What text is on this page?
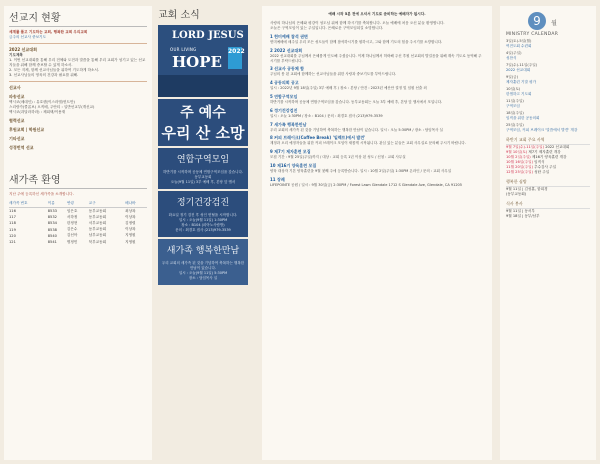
선교지 현황
세계를 품고 기도하는 교회, 행복한 교회 우리교회
금주의 선교사 중보기도
2022 선교대회
기도제목
1. 이번 선교대회를 통해 우리 전체와 도전과 말씀을 통해 우리 교회가 섬기고 있는 선교지들을 위해 함께 중보할 수 있게 하소서.
2. 모든 지체, 함께 선교사님들을 위하여 기도하게 하소서.
3. 선교사님들의 영육의 건강과 필요를 위해.
선교사
파송선교
멕시코(메데인) : 유호렌(이스라엘/헌트만)
스리랑카(콜롬보) 오직배, 주안티 : 일반선교부(개신교)
멕시코(과달라하라) : 채희택/이용재
협력선교
후원교회 | 학원선교
기타선교
성경번역 선교
새가족 환영
지난 주에 등록하신 새가족을 소개합니다.
새가족 번호	이름	연령	교구	배나바
116	8533	임은호	동부교동회	최상복
117	8532	서하정	동부교동회	이상복
118	8534	한정현	서부교동회	김정렬
119	8538	김은수	동부교동회	이상복
120	8540	김선아	남부교동회	지영원
121	8541	명정민	북부교동회	지영원
교회 소식
LORD JESUS
OUR LIVING
HOPE
2022
주 예수
우리 산 소망
연합구역모임
하반기를 시작하며 공동체 연합구역모임을 갖습니다.
동부교동회
오늘(9월 11일) 3부 예배 후, 본당 앞 앰서
정기건강검진
화요일 정기 검진 후 성인 헌혈을 시작합니다.
일시 : 오늘(9월 11일) 1:30PM
장소 : B104 (피아노사람방)
문의 : 최경호 집사 (213)979-3539
새가족 행복한만남
우리 교회의 새가족 된 것을 기념하여 축복하는 행복한 만남이 있습니다.
일시 : 오늘(9월 11일) 5:30PM
장소 : 담임목사 실
예배 시작 5분 전에 오셔서 기도로 준비하는 예배자가 됩시다.
사랑의 하나님의 은혜와 평강이 성도님 위에 함께 하시기를 축복합니다. 오늘 예배에 처음 오신 분들 환영합니다.
오늘은 구역모임이 있는 주일입니다. 은혜로운 구역모임되길 소망합니다.
1 헌미예배 참석 권면
헌미예배에 매주일 우리 모든 성도들이 함께 참석하시기를 원하시고, 그와 함께 기도의 힘을 주시기를 소망합니다.
2 2022 선교대회
2022 선교대회를 주님께서 은혜롭게 인도해 주셨습니다. 이제 하나님께서 허락해 주신 후원 선교회의 발걸음을 위해 계속 기도로 동역해 주시기를 부탁드립니다.
3 선교사 공동체 합
주님의 몸 된 교회에 함께하는 선교사님들을 위한 사랑과 중보기도를 부탁드립니다.
4 공동의회 공고
일시 : 2022년 9월 18일(주일) 3부 예배 후 / 장소 : 본당 / 안건 : 2023년 예산안 결정 및 임원 선출 외
5 연합구역모임
하반기를 시작하며 공동체 연합구역모임을 갖습니다. 동부교동회는 오늘 3부 예배 후, 본당 앞 앰서에서 모입니다.
6 정기건강검진
일시 : 오늘 1:30PM / 장소 : B104 / 문의 : 최경호 집사 (213)979-3539
7 새가족 행복한만남
우리 교회의 새가족 된 것을 기념하여 축복하는 행복한 만남이 있습니다. 일시 : 오늘 5:30PM / 장소 : 담임목사 실
8 커피 브레이크(Coffee Break) '일렉트)에서 발견'
재정과 오리 예정자들을 위한 커피 브레이크 모임이 새롭게 시작됩니다. 관심 있는 분들은 교회 사무실로 문의해 주시기 바랍니다.
9 제7기 제자훈련 모집
모집 기간 : 9월 25일(주일)까지 / 대상 : 교회 등록 1년 이상 된 성도 / 신청 : 교회 사무실
10 제16기 양육훈련 모집
양육 대상자 기본 양육훈련을 9월 첫째 주에 등록받습니다. 일시 : 10월 2일(주일) 1:30PM 온라인 / 문의 : 교회 사무실
11 장례
LIFEPOINTE 공원 / 일시 : 9월 30일(금) 2:30PM / Forest Lawn Glendale 1712 S Glendale Ave, Glendale, CA 91205
9 월
MINISTRY CALENDAR
3일(토)-5일(월)
여전도회 수련회
4일(주일)
성찬식
7일(수)-11일(주일)
2022 선교대회
9일(금)
제자훈련 기말 평가
10일(토)
한샘하고 기도회
11일(주일)
구역모임
18일(주일)
임직을 위한 공동의회
25일(주일)
구역모임, 커피 브레이크 '말씀에서 발견' 개강
하반기 교회 주요 사역
9월 7일(수)-11일(주일) 2022 선교대회
9월 10일(토) 제7기 제자훈련 개강
10월 2일(주일) 제16기 양육훈련 개강
10월 16일(주일) 임직식
11월 20일(주일) 추수감사 주일
12월 25일(주일) 성탄 주일
행복한 심방
9월 11일 | 김성훈, 함희경
(동부교동회)
식사 봉사
9월 11일 | 동서부
9월 18일 | 동부/남부
